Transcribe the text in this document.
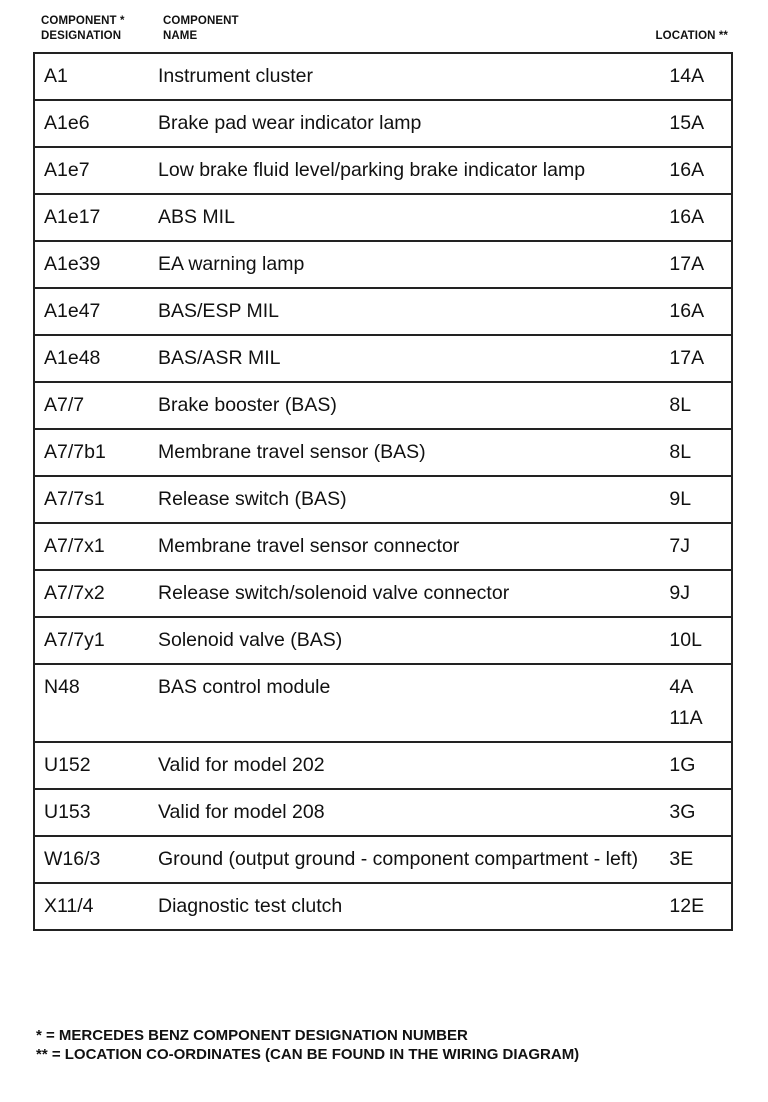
COMPONENT *
DESIGNATION
COMPONENT
NAME	LOCATION **
A1	Instrument cluster	14A

A1e6	Brake pad wear indicator lamp	15A

A1e7	Low brake fluid level/parking brake indicator lamp	16A

A1e17	ABS MIL	16A

A1e39	EA warning lamp	17A

A1e47	BAS/ESP MIL	16A

A1e48	BAS/ASR MIL	17A

A7/7	Brake booster (BAS)	8L

A7/7b1	Membrane travel sensor (BAS)	8L

A7/7s1	Release switch (BAS)	9L

A7/7x1	Membrane travel sensor connector	7J

A7/7x2	Release switch/solenoid valve connector	9J

A7/7y1	Solenoid valve (BAS)	10L

N48	BAS control module	4A
11A

U152	Valid for model 202	1G

U153	Valid for model 208	3G

W16/3	Ground (output ground - component compartment - left)	3E

X11/4	Diagnostic test clutch	12E
* = MERCEDES BENZ COMPONENT DESIGNATION NUMBER
** = LOCATION CO-ORDINATES (CAN BE FOUND IN THE WIRING DIAGRAM)
